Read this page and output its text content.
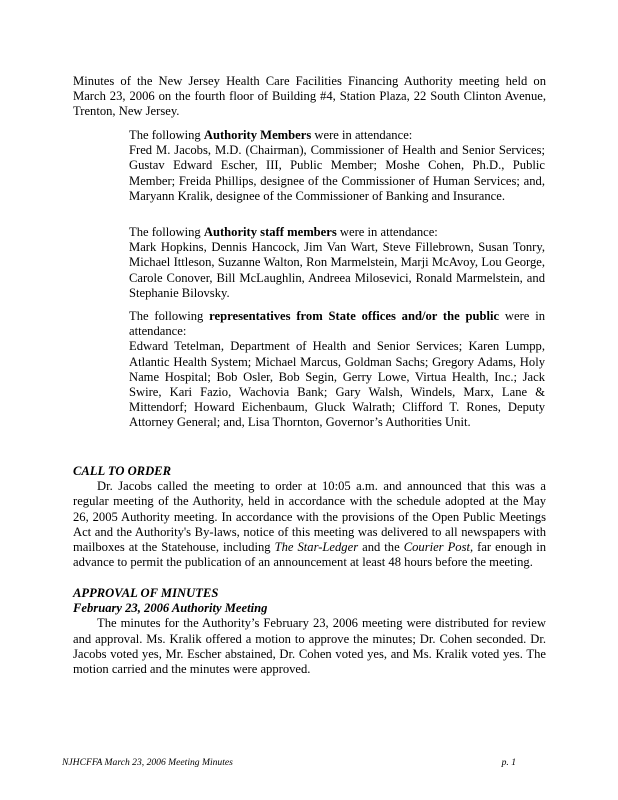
Minutes of the New Jersey Health Care Facilities Financing Authority meeting held on March 23, 2006 on the fourth floor of Building #4, Station Plaza, 22 South Clinton Avenue, Trenton, New Jersey.

The following Authority Members were in attendance:

Fred M. Jacobs, M.D. (Chairman), Commissioner of Health and Senior Services; Gustav Edward Escher, III, Public Member; Moshe Cohen, Ph.D., Public Member; Freida Phillips, designee of the Commissioner of Human Services; and, Maryann Kralik, designee of the Commissioner of Banking and Insurance.

The following Authority staff members were in attendance:

Mark Hopkins, Dennis Hancock, Jim Van Wart, Steve Fillebrown, Susan Tonry, Michael Ittleson, Suzanne Walton, Ron Marmelstein, Marji McAvoy, Lou George, Carole Conover, Bill McLaughlin, Andreea Milosevici, Ronald Marmelstein, and Stephanie Bilovsky.

The following representatives from State offices and/or the public were in attendance:

Edward Tetelman, Department of Health and Senior Services; Karen Lumpp, Atlantic Health System; Michael Marcus, Goldman Sachs; Gregory Adams, Holy Name Hospital; Bob Osler, Bob Segin, Gerry Lowe, Virtua Health, Inc.; Jack Swire, Kari Fazio, Wachovia Bank; Gary Walsh, Windels, Marx, Lane & Mittendorf; Howard Eichenbaum, Gluck Walrath; Clifford T. Rones, Deputy Attorney General; and, Lisa Thornton, Governor’s Authorities Unit.

CALL TO ORDER

Dr. Jacobs called the meeting to order at 10:05 a.m. and announced that this was a regular meeting of the Authority, held in accordance with the schedule adopted at the May 26, 2005 Authority meeting. In accordance with the provisions of the Open Public Meetings Act and the Authority's By-laws, notice of this meeting was delivered to all newspapers with mailboxes at the Statehouse, including The Star-Ledger and the Courier Post, far enough in advance to permit the publication of an announcement at least 48 hours before the meeting.

APPROVAL OF MINUTES

February 23, 2006 Authority Meeting

The minutes for the Authority’s February 23, 2006 meeting were distributed for review and approval. Ms. Kralik offered a motion to approve the minutes; Dr. Cohen seconded. Dr. Jacobs voted yes, Mr. Escher abstained, Dr. Cohen voted yes, and Ms. Kralik voted yes. The motion carried and the minutes were approved.

NJHCFFA March 23, 2006 Meeting Minutes	p. 1
